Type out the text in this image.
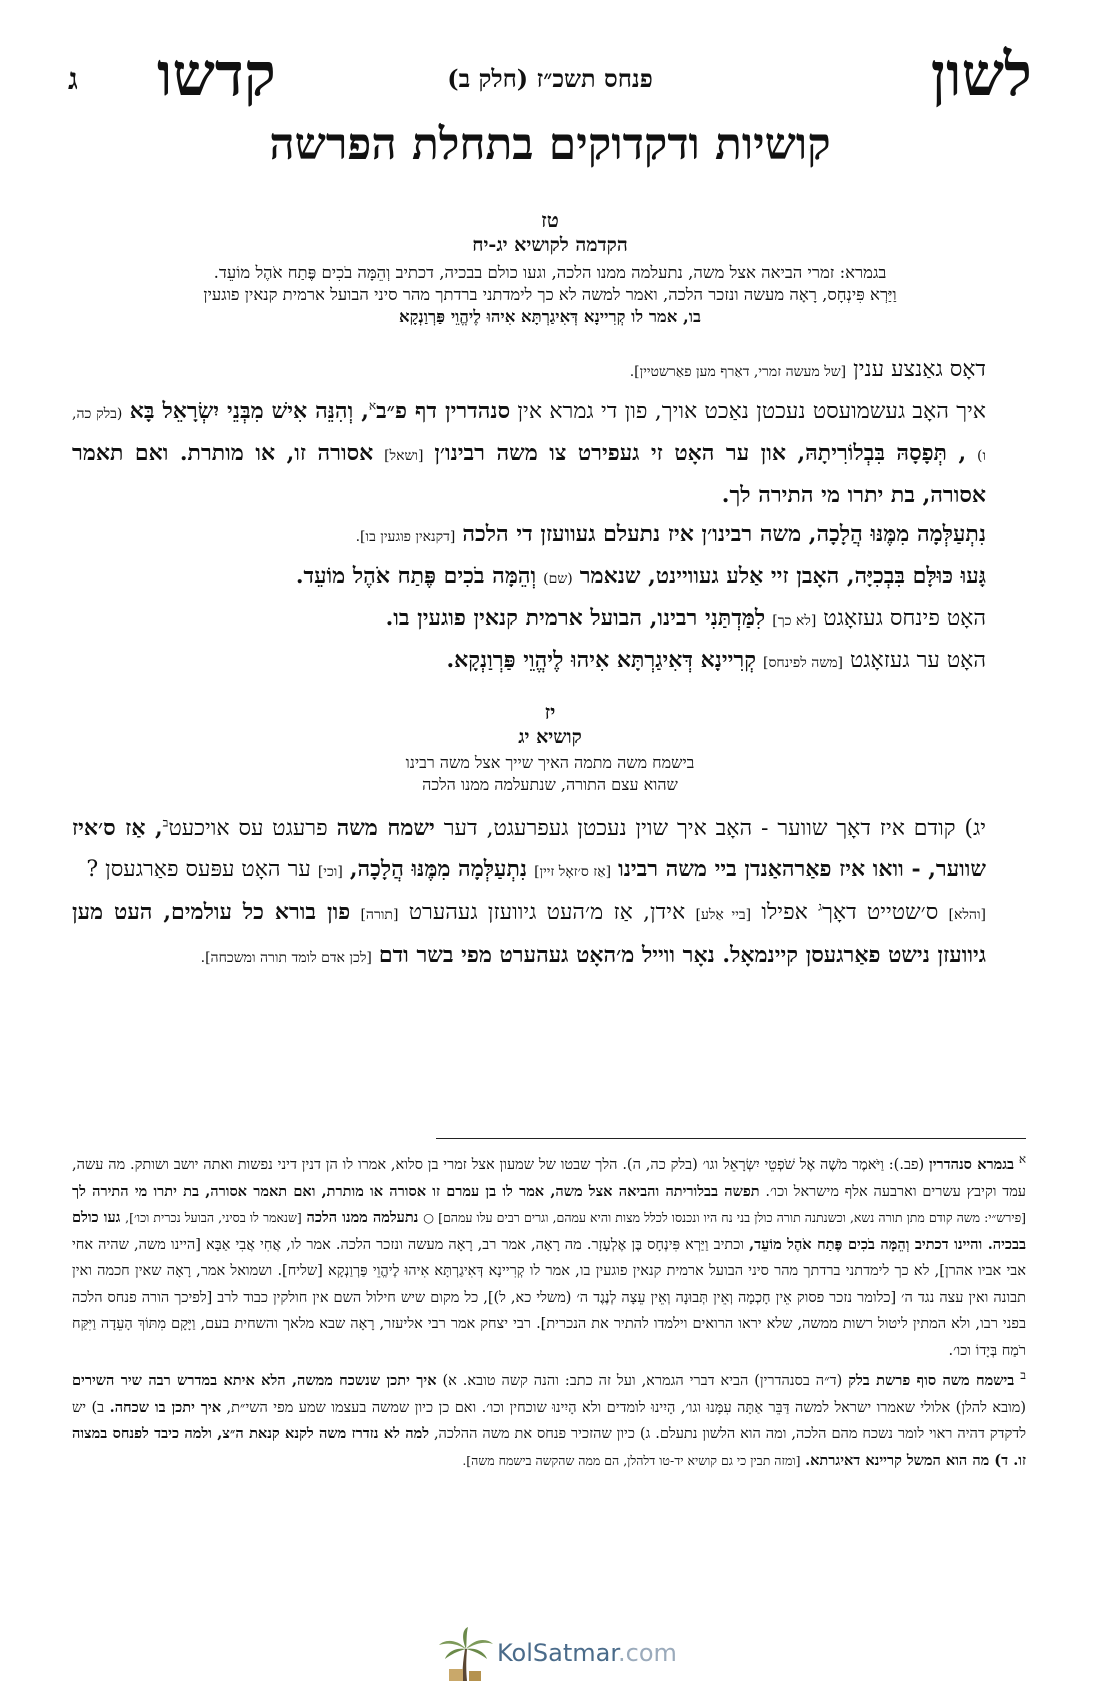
לשון
פנחס תשכ״ז (חלק ב)
קדשו
ג
קושיות ודקדוקים בתחלת הפרשה
טז
הקדמה לקושיא יג-יח
בגמרא: זמרי הביאה אצל משה, נתעלמה ממנו הלכה, וגעו כולם בבכיה, דכתיב וְהֵמָּה בֹכִים פֶּתַח אֹהֶל מוֹעֵד.
וַיַּרְא פִּינְחָס, רָאָה מעשה ונזכר הלכה, ואמר למשה לא כך לימדתני ברדתך מהר סיני הבועל ארמית קנאין פוגעין
בו, אמר לו קְרִיינָא דְּאִיגַרְתָּא אִיהוּ לֶיהֱוֵי פַּרְוַנְקָא

דאָס גאַנצע ענין [של מעשה זמרי, דאַרף מען פאַרשטיין].

איך האָב געשמועסט נעכטן נאַכט אויך, פון די גמרא אין סנהדרין דף פ״ב$^א$, וְהִנֵּה אִישׁ מִבְּנֵי יִשְׂרָאֵל בָּא (בלק כה, ו) , תְּפָסָהּ בִּבְלוֹרִיתָהּ, און ער האָט זי געפירט צו משה רבינו׳ן [ושאל] אסורה זו, או מותרת. ואם תאמר אסורה, בת יתרו מי התירה לך.

נִתְעַלְּמָה מִמֶּנּוּ הֲלָכָה, משה רבינו׳ן איז נתעלם געוועזן די הלכה [דקנאין פוגעין בו].

גָּעוּ כּוּלָּם בִּבְכִיָּה, האָבן זיי אַלע געוויינט, שנאמר (שם) וְהֵמָּה בֹכִים פֶּתַח אֹהֶל מוֹעֵד.

האָט פינחס געזאָגט [לא כך] לִמַּדְתַּנִי רבינו, הבועל ארמית קנאין פוגעין בו.

האָט ער געזאָגט [משה לפינחס] קְרִיינָא דְּאִיגַרְתָּא אִיהוּ לֶיהֱוֵי פַּרְוַנְקָא.

יז
קושיא יג
בישמח משה מתמה האיך שייך אצל משה רבינו
שהוא עצם התורה, שנתעלמה ממנו הלכה

יג) קודם איז דאָך שווער - האָב איך שוין נעכטן געפרעגט, דער ישמח משה פרעגט עס אויכעט$^ב$, אַז ס׳איז שווער, - וואו איז פאַרהאַנדן ביי משה רבינו [אַז ס׳זאָל זיין] נִתְעַלְּמָה מִמֶּנּוּ הֲלָכָה, [וכי] ער האָט עפּעס פאַרגעסן ?

[והלא] ס׳שטייט דאָך$^ג$ אפילו [ביי אַלע] אידן, אַז מ׳העט גיוועזן געהערט [תורה] פון בורא כל עולמים, העט מען גיוועזן נישט פאַרגעסן קיינמאָל. נאָר ווייל מ׳האָט געהערט מפי בשר ודם [לכן אדם לומד תורה ומשכחה].

$^א$ בגמרא סנהדרין (פב.): וַיֹּאמֶר מֹשֶׁה אֶל שֹׁפְטֵי יִשְׂרָאֵל וגו׳ (בלק כה, ה). הלך שבטו של שמעון אצל זמרי בן סלוא, אמרו לו הן דנין דיני נפשות ואתה יושב ושותק. מה עשה, עמד וקיבץ עשרים וארבעה אלף מישראל וכו׳. תפשה בבלוריתה והביאה אצל משה, אמר לו בן עמרם זו אסורה או מותרת, ואם תאמר אסורה, בת יתרו מי התירה לך [פירש״י: משה קודם מתן תורה נשא, וכשנתנה תורה כולן בני נח היו ונכנסו לכלל מצות והיא עמהם, וגרים רבים עלו עמהם] ○ נתעלמה ממנו הלכה [שנאמר לו בסיני, הבועל נכרית וכו׳], געו כולם בבכיה. והיינו דכתיב וְהֵמָּה בֹכִים פֶּתַח אֹהֶל מוֹעֵד, וכתיב וַיַּרְא פִּינְחָס בֶּן אֶלְעָזָר. מה רָאָה, אמר רב, רָאָה מעשה ונזכר הלכה. אמר לו, אֲחִי אֲבִי אַבָּא [היינו משה, שהיה אחי אבי אביו אהרן], לא כך לימדתני ברדתך מהר סיני הבועל ארמית קנאין פוגעין בו, אמר לו קְרִיינָא דְּאִיגַרְתָּא אִיהוּ לֶיהֱוֵי פַּרְוַנְקָא [שליח]. ושמואל אמר, רָאָה שאין חכמה ואין תבונה ואין עצה נגד ה׳ [כלומר נזכר פסוק אֵין חָכְמָה וְאֵין תְּבוּנָה וְאֵין עֵצָה לְנֶגֶד ה׳ (משלי כא, ל)], כל מקום שיש חילול השם אין חולקין כבוד לרב [לפיכך הורה פנחס הלכה בפני רבו, ולא המתין ליטול רשות ממשה, שלא יראו הרואים וילמדו להתיר את הנכרית]. רבי יצחק אמר רבי אליעזר, רָאָה שבא מלאך והשחית בעם, וַיָּקָם מִתּוֹךְ הָעֵדָה וַיִּקַּח רֹמַח בְּיָדוֹ וכו׳.

$^ב$ בישמח משה סוף פרשת בלק (ד״ה בסנהדרין) הביא דברי הגמרא, ועל זה כתב: והנה קשה טובא. א) איך יתכן שנשכח ממשה, הלא איתא במדרש רבה שיר השירים (מובא להלן) אלולי שאמרו ישראל למשה דַּבֵּר אַתָּה עִמָּנוּ וגו׳, הָיִינוּ לומדים ולא הָיִינוּ שוכחין וכו׳. ואם כן כיון שמשה בעצמו שמע מפי השי״ת, איך יתכן בו שכחה. ב) יש לדקדק דהיה ראוי לומר נשכח מהם הלכה, ומה הוא הלשון נתעלם. ג) כיון שהזכיר פנחס את משה ההלכה, למה לא נזדרז משה לקנא קנאת ה״צ, ולמה כיבד לפנחס במצוה זו. ד) מה הוא המשל קריינא דאיגרתא. [ומזה תבין כי גם קושיא יד-טו דלהלן, הם ממה שהקשה בישמח משה].

KolSatmar.com
